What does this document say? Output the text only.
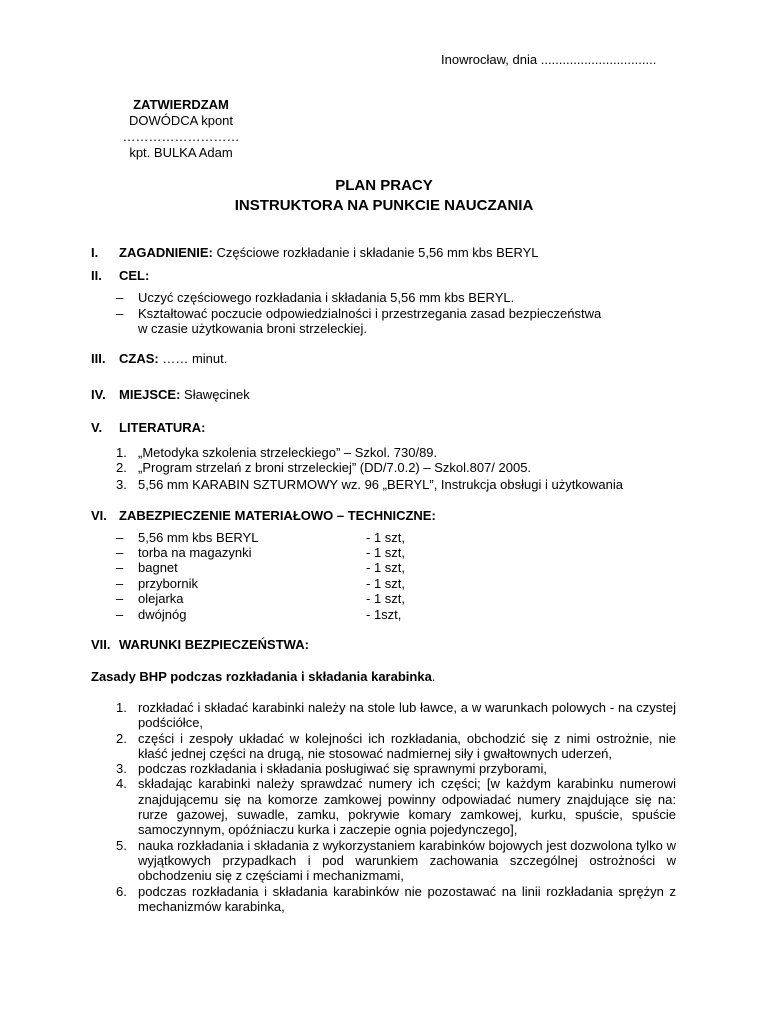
Inowrocław, dnia ................................
ZATWIERDZAM
DOWÓDCA kpont
………………………
kpt. BULKA Adam
PLAN PRACY
INSTRUKTORA NA PUNKCIE NAUCZANIA
I. ZAGADNIENIE: Częściowe rozkładanie i składanie 5,56 mm kbs BERYL
II. CEL:
– Uczyć częściowego rozkładania i składania 5,56 mm kbs BERYL.
– Kształtować poczucie odpowiedzialności i przestrzegania zasad bezpieczeństwa
w czasie użytkowania broni strzeleckiej.
III. CZAS: …… minut.
IV. MIEJSCE: Sławęcinek
V. LITERATURA:
1. „Metodyka szkolenia strzeleckiego” – Szkol. 730/89.
2. „Program strzelań z broni strzeleckiej” (DD/7.0.2) – Szkol.807/ 2005.
3. 5,56 mm KARABIN SZTURMOWY wz. 96 „BERYL”, Instrukcja obsługi i użytkowania
VI. ZABEZPIECZENIE MATERIAŁOWO – TECHNICZNE:
– 5,56 mm kbs BERYL	- 1 szt,
– torba na magazynki	- 1 szt,
– bagnet	- 1 szt,
– przybornik	- 1 szt,
– olejarka	- 1 szt,
– dwójnóg	- 1szt,
VII. WARUNKI BEZPIECZEŃSTWA:
Zasady BHP podczas rozkładania i składania karabinka.

1. rozkładać i składać karabinki należy na stole lub ławce, a w warunkach polowych - na czystej podściółce,

2. części i zespoły układać w kolejności ich rozkładania, obchodzić się z nimi ostrożnie, nie kłaść jednej części na drugą, nie stosować nadmiernej siły i gwałtownych uderzeń,

3. podczas rozkładania i składania posługiwać się sprawnymi przyborami,

4. składając karabinki należy sprawdzać numery ich części; [w każdym karabinku numerowi znajdującemu się na komorze zamkowej powinny odpowiadać numery znajdujące się na: rurze gazowej, suwadle, zamku, pokrywie komary zamkowej, kurku, spuście, spuście samoczynnym, opóźniaczu kurka i zaczepie ognia pojedynczego],

5. nauka rozkładania i składania z wykorzystaniem karabinków bojowych jest dozwolona tylko w wyjątkowych przypadkach i pod warunkiem zachowania szczególnej ostrożności w obchodzeniu się z częściami i mechanizmami,

6. podczas rozkładania i składania karabinków nie pozostawać na linii rozkładania sprężyn z mechanizmów karabinka,
